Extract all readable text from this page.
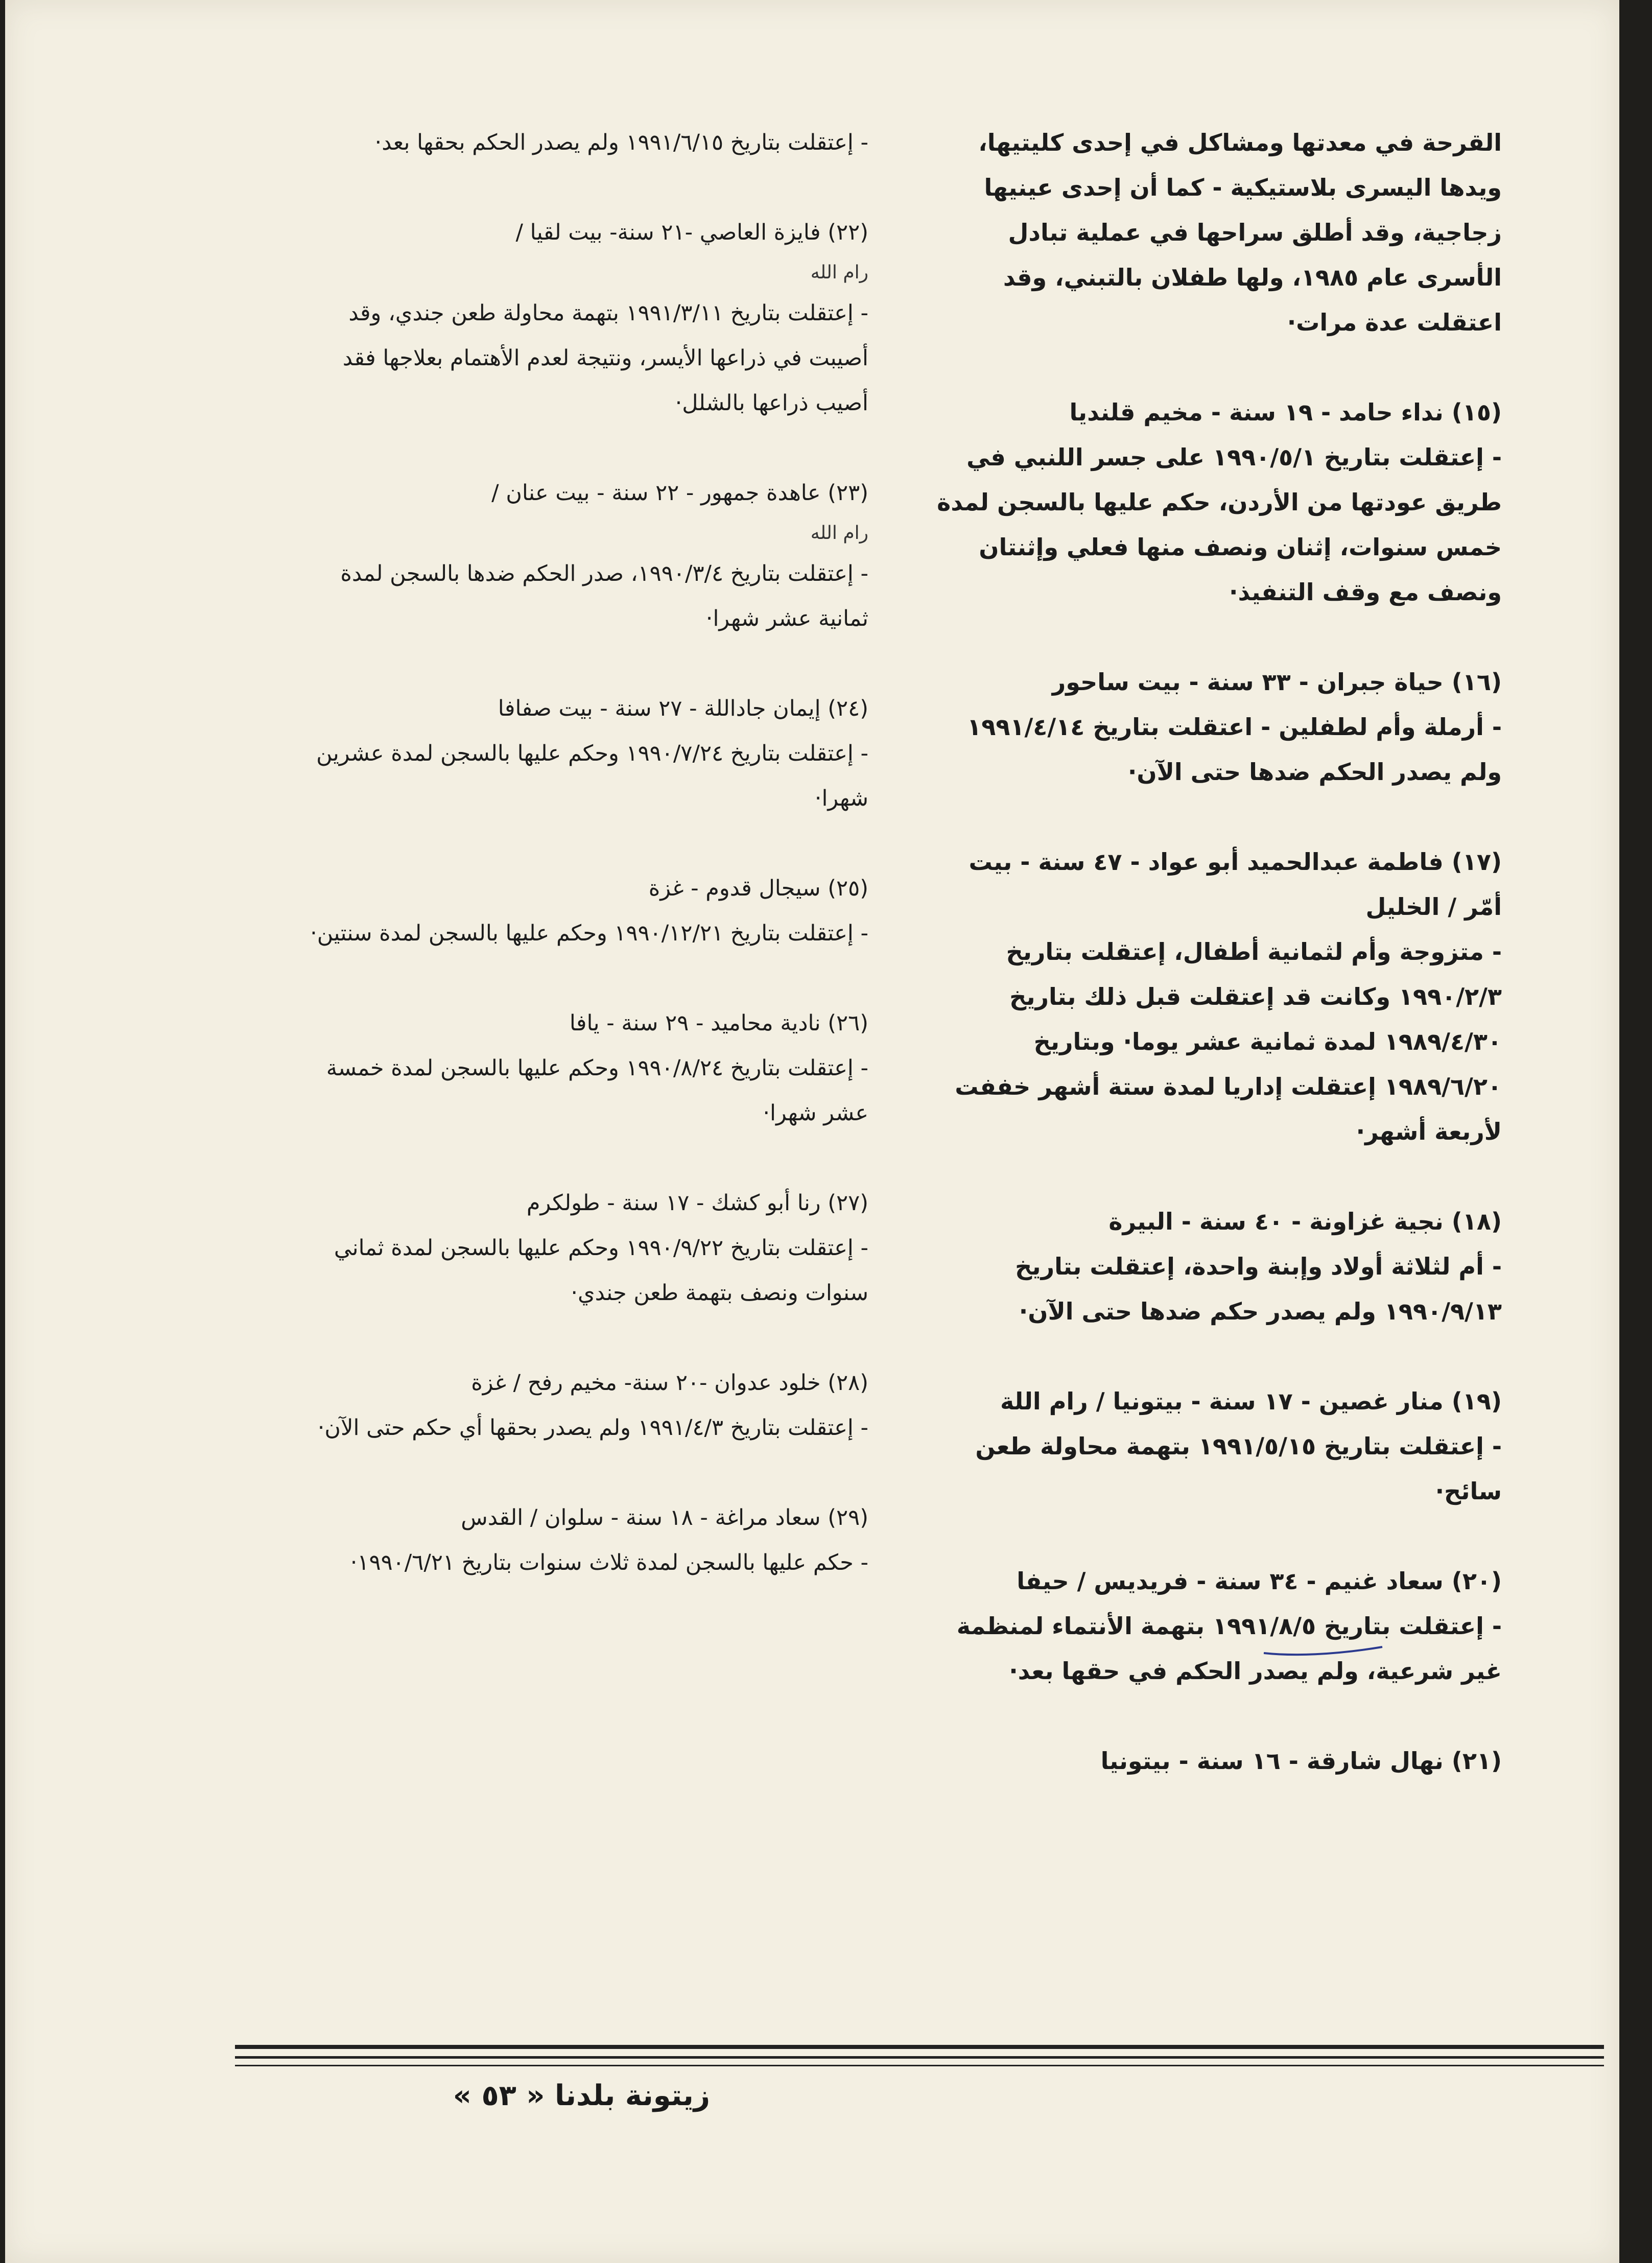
القرحة في معدتها ومشاكل في إحدى كليتيها، ويدها اليسرى بلاستيكية - كما أن إحدى عينيها زجاجية، وقد أطلق سراحها في عملية تبادل الأسرى عام ١٩٨٥، ولها طفلان بالتبني، وقد اعتقلت عدة مرات·

(١٥) نداء حامد - ١٩ سنة - مخيم قلنديا

- إعتقلت بتاريخ ١٩٩٠/٥/١ على جسر اللنبي في طريق عودتها من الأردن، حكم عليها بالسجن لمدة خمس سنوات، إثنان ونصف منها فعلي وإثنتان ونصف مع وقف التنفيذ·

(١٦) حياة جبران - ٣٣ سنة - بيت ساحور

- أرملة وأم لطفلين - اعتقلت بتاريخ ١٩٩١/٤/١٤ ولم يصدر الحكم ضدها حتى الآن·

(١٧) فاطمة عبدالحميد أبو عواد - ٤٧ سنة - بيت أمّر / الخليل

- متزوجة وأم لثمانية أطفال، إعتقلت بتاريخ ١٩٩٠/٢/٣ وكانت قد إعتقلت قبل ذلك بتاريخ ١٩٨٩/٤/٣٠ لمدة ثمانية عشر يوما· وبتاريخ ١٩٨٩/٦/٢٠ إعتقلت إداريا لمدة ستة أشهر خففت لأربعة أشهر·

(١٨) نجية غزاونة - ٤٠ سنة - البيرة

- أم لثلاثة أولاد وإبنة واحدة، إعتقلت بتاريخ ١٩٩٠/٩/١٣ ولم يصدر حكم ضدها حتى الآن·

(١٩) منار غصين - ١٧ سنة - بيتونيا / رام اللة

- إعتقلت بتاريخ ١٩٩١/٥/١٥ بتهمة محاولة طعن سائح·

(٢٠) سعاد غنيم - ٣٤ سنة - فريديس / حيفا

- إعتقلت بتاريخ ١٩٩١/٨/٥ بتهمة الأنتماء لمنظمة غير شرعية، ولم يصدر الحكم في حقها بعد·

(٢١) نهال شارقة - ١٦ سنة - بيتونيا

- إعتقلت بتاريخ ١٩٩١/٦/١٥ ولم يصدر الحكم بحقها بعد·

(٢٢) فايزة العاصي -٢١ سنة- بيت لقيا /

رام الله

- إعتقلت بتاريخ ١٩٩١/٣/١١ بتهمة محاولة طعن جندي، وقد أصيبت في ذراعها الأيسر، ونتيجة لعدم الأهتمام بعلاجها فقد أصيب ذراعها بالشلل·

(٢٣) عاهدة جمهور - ٢٢ سنة - بيت عنان /

رام الله

- إعتقلت بتاريخ ١٩٩٠/٣/٤، صدر الحكم ضدها بالسجن لمدة ثمانية عشر شهرا·

(٢٤) إيمان جاداللة - ٢٧ سنة - بيت صفافا

- إعتقلت بتاريخ ١٩٩٠/٧/٢٤ وحكم عليها بالسجن لمدة عشرين شهرا·

(٢٥) سيجال قدوم - غزة

- إعتقلت بتاريخ ١٩٩٠/١٢/٢١ وحكم عليها بالسجن لمدة سنتين·

(٢٦) نادية محاميد - ٢٩ سنة - يافا

- إعتقلت بتاريخ ١٩٩٠/٨/٢٤ وحكم عليها بالسجن لمدة خمسة عشر شهرا·

(٢٧) رنا أبو كشك - ١٧ سنة - طولكرم

- إعتقلت بتاريخ ١٩٩٠/٩/٢٢ وحكم عليها بالسجن لمدة ثماني سنوات ونصف بتهمة طعن جندي·

(٢٨) خلود عدوان -٢٠ سنة- مخيم رفح / غزة

- إعتقلت بتاريخ ١٩٩١/٤/٣ ولم يصدر بحقها أي حكم حتى الآن·

(٢٩) سعاد مراغة - ١٨ سنة - سلوان / القدس

- حكم عليها بالسجن لمدة ثلاث سنوات بتاريخ ١٩٩٠/٦/٢١·

زيتونة بلدنا « ٥٣ »
